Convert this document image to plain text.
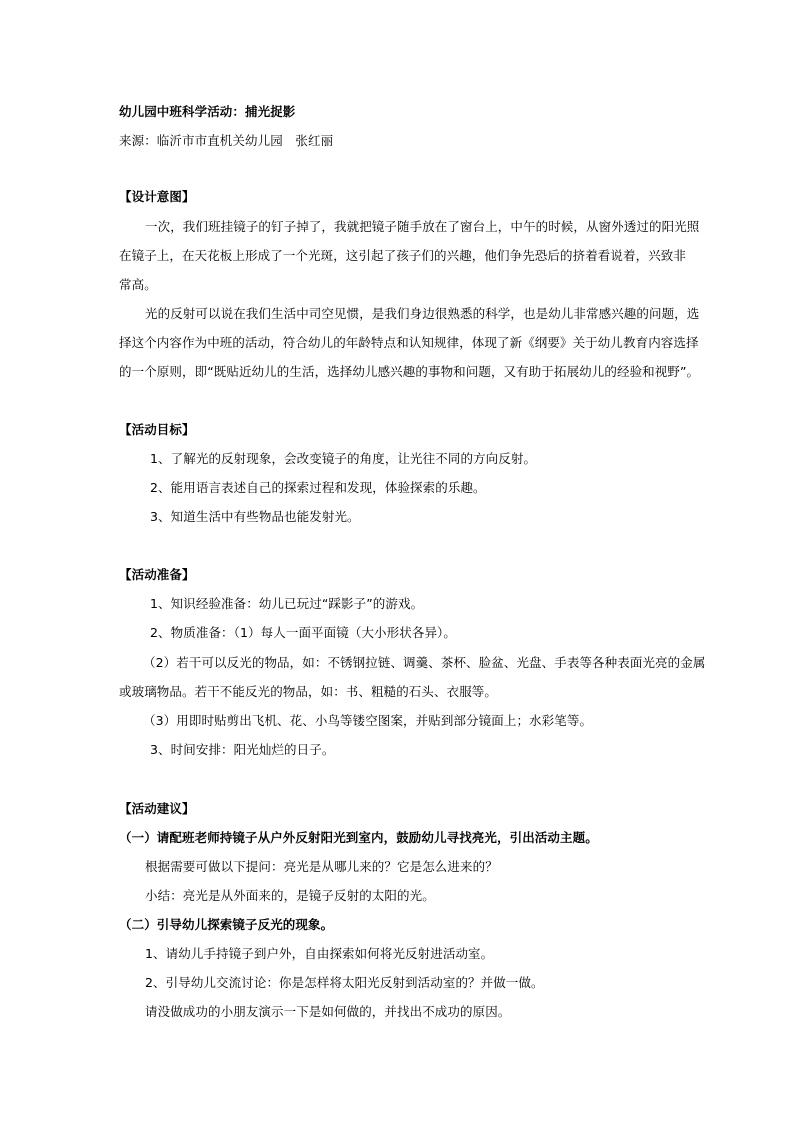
幼儿园中班科学活动：捕光捉影
来源：临沂市市直机关幼儿园　张红丽
【设计意图】
一次，我们班挂镜子的钉子掉了，我就把镜子随手放在了窗台上，中午的时候，从窗外透过的阳光照
在镜子上，在天花板上形成了一个光斑，这引起了孩子们的兴趣，他们争先恐后的挤着看说着，兴致非
常高。
光的反射可以说在我们生活中司空见惯，是我们身边很熟悉的科学，也是幼儿非常感兴趣的问题，选
择这个内容作为中班的活动，符合幼儿的年龄特点和认知规律，体现了新《纲要》关于幼儿教育内容选择
的一个原则，即“既贴近幼儿的生活，选择幼儿感兴趣的事物和问题，又有助于拓展幼儿的经验和视野”。
【活动目标】
1、了解光的反射现象，会改变镜子的角度，让光往不同的方向反射。
2、能用语言表述自己的探索过程和发现，体验探索的乐趣。
3、知道生活中有些物品也能发射光。
【活动准备】
1、知识经验准备：幼儿已玩过“踩影子”的游戏。
2、物质准备：（1）每人一面平面镜（大小形状各异）。
（2）若干可以反光的物品，如：不锈钢拉链、调羹、茶杯、脸盆、光盘、手表等各种表面光亮的金属
或玻璃物品。若干不能反光的物品，如：书、粗糙的石头、衣服等。
（3）用即时贴剪出飞机、花、小鸟等镂空图案，并贴到部分镜面上；水彩笔等。
3、时间安排：阳光灿烂的日子。
【活动建议】
（一）请配班老师持镜子从户外反射阳光到室内，鼓励幼儿寻找亮光，引出活动主题。
根据需要可做以下提问：亮光是从哪儿来的？它是怎么进来的？
小结：亮光是从外面来的，是镜子反射的太阳的光。
（二）引导幼儿探索镜子反光的现象。
1、请幼儿手持镜子到户外，自由探索如何将光反射进活动室。
2、引导幼儿交流讨论：你是怎样将太阳光反射到活动室的？并做一做。
请没做成功的小朋友演示一下是如何做的，并找出不成功的原因。
